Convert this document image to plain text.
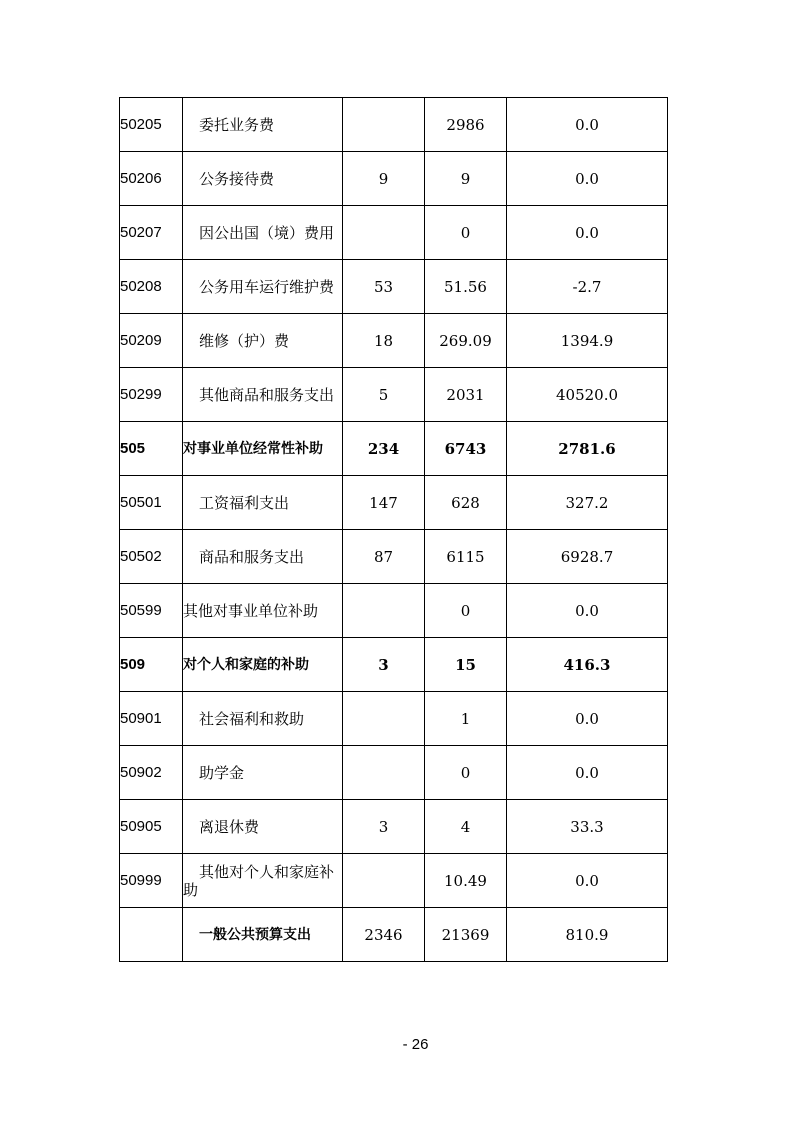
50205	委托业务费		2986	0.0
50206	公务接待费	9	9	0.0
50207	因公出国（境）费用		0	0.0
50208	公务用车运行维护费	53	51.56	-2.7
50209	维修（护）费	18	269.09	1394.9
50299	其他商品和服务支出	5	2031	40520.0
505	对事业单位经常性补助	234	6743	2781.6
50501	工资福利支出	147	628	327.2
50502	商品和服务支出	87	6115	6928.7
50599	其他对事业单位补助		0	0.0
509	对个人和家庭的补助	3	15	416.3
50901	社会福利和救助		1	0.0
50902	助学金		0	0.0
50905	离退休费	3	4	33.3
50999	其他对个人和家庭补助		10.49	0.0

	一般公共预算支出	2346	21369	810.9
- 26
